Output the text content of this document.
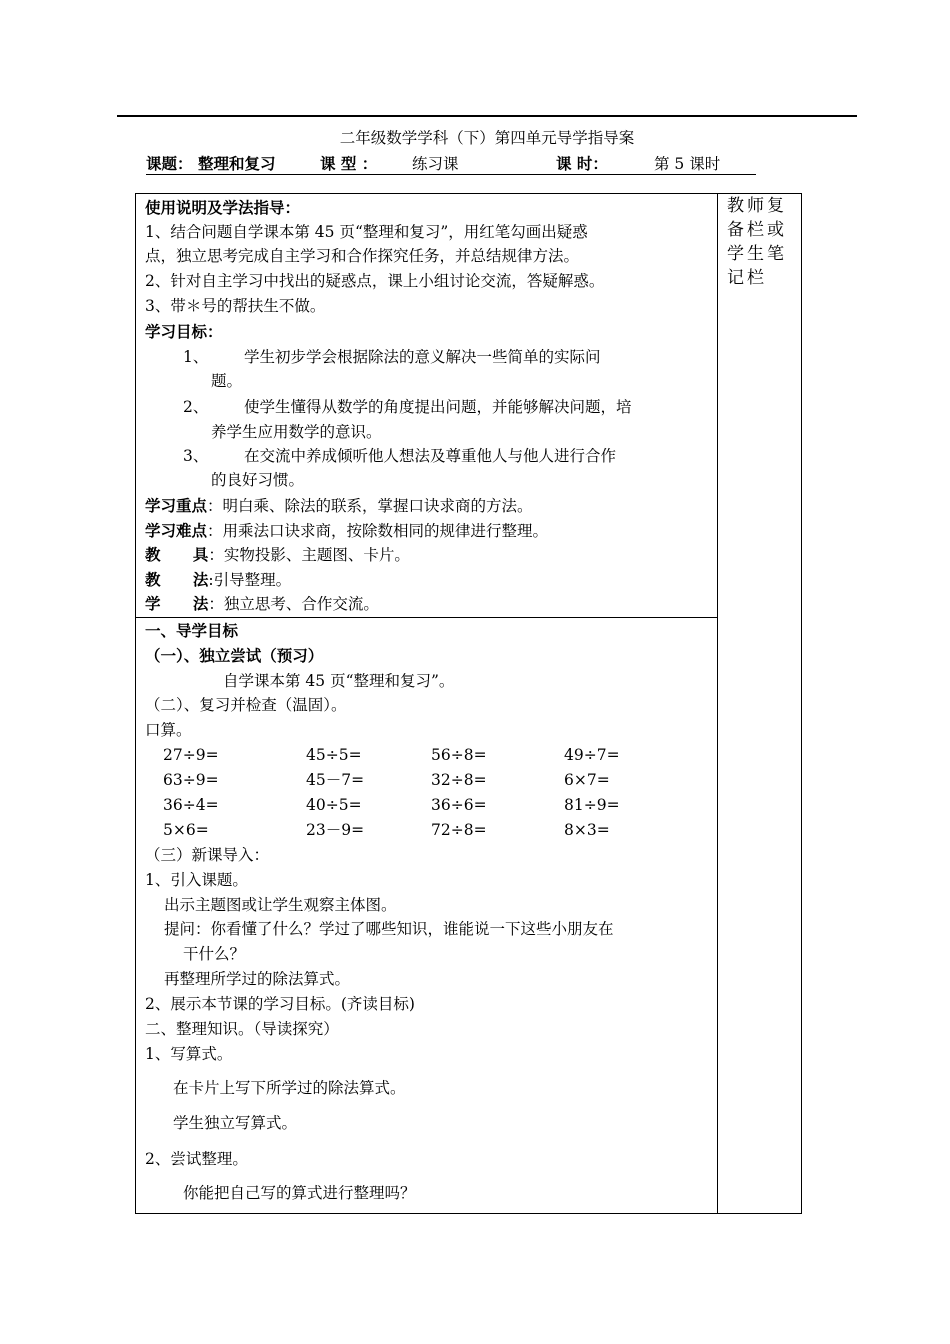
二年级数学学科（下）第四单元导学指导案
课题： 整理和复习	课 型 ： 练习课	课 时：	第 5 课时
教师复备栏或学生笔记栏
使用说明及学法指导：
1、结合问题自学课本第 45 页“整理和复习”，用红笔勾画出疑惑
点，独立思考完成自主学习和合作探究任务，并总结规律方法。
2、针对自主学习中找出的疑惑点，课上小组讨论交流，答疑解惑。
3、带＊号的帮扶生不做。
学习目标：
1、 学生初步学会根据除法的意义解决一些简单的实际问
题。
2、 使学生懂得从数学的角度提出问题，并能够解决问题，培
养学生应用数学的意识。
3、 在交流中养成倾听他人想法及尊重他人与他人进行合作
的良好习惯。
学习重点：明白乘、除法的联系，掌握口诀求商的方法。
学习难点：用乘法口诀求商，按除数相同的规律进行整理。
教      具：实物投影、主题图、卡片。
教      法:引导整理。
学      法：独立思考、合作交流。
一、导学目标
（一）、独立尝试（预习）
自学课本第 45 页“整理和复习”。
（二）、复习并检查（温固）。
口算。
27÷9=	45÷5=	56÷8=	49÷7=
63÷9=	45－7=	32÷8=	6×7=
36÷4=	40÷5=	36÷6=	81÷9=
5×6=	23－9=	72÷8=	8×3=
（三）新课导入：
1、引入课题。
出示主题图或让学生观察主体图。
提问：你看懂了什么？学过了哪些知识，谁能说一下这些小朋友在
干什么？
再整理所学过的除法算式。
2、展示本节课的学习目标。(齐读目标)
二、整理知识。（导读探究）
1、写算式。
在卡片上写下所学过的除法算式。
学生独立写算式。
2、尝试整理。
你能把自己写的算式进行整理吗？
